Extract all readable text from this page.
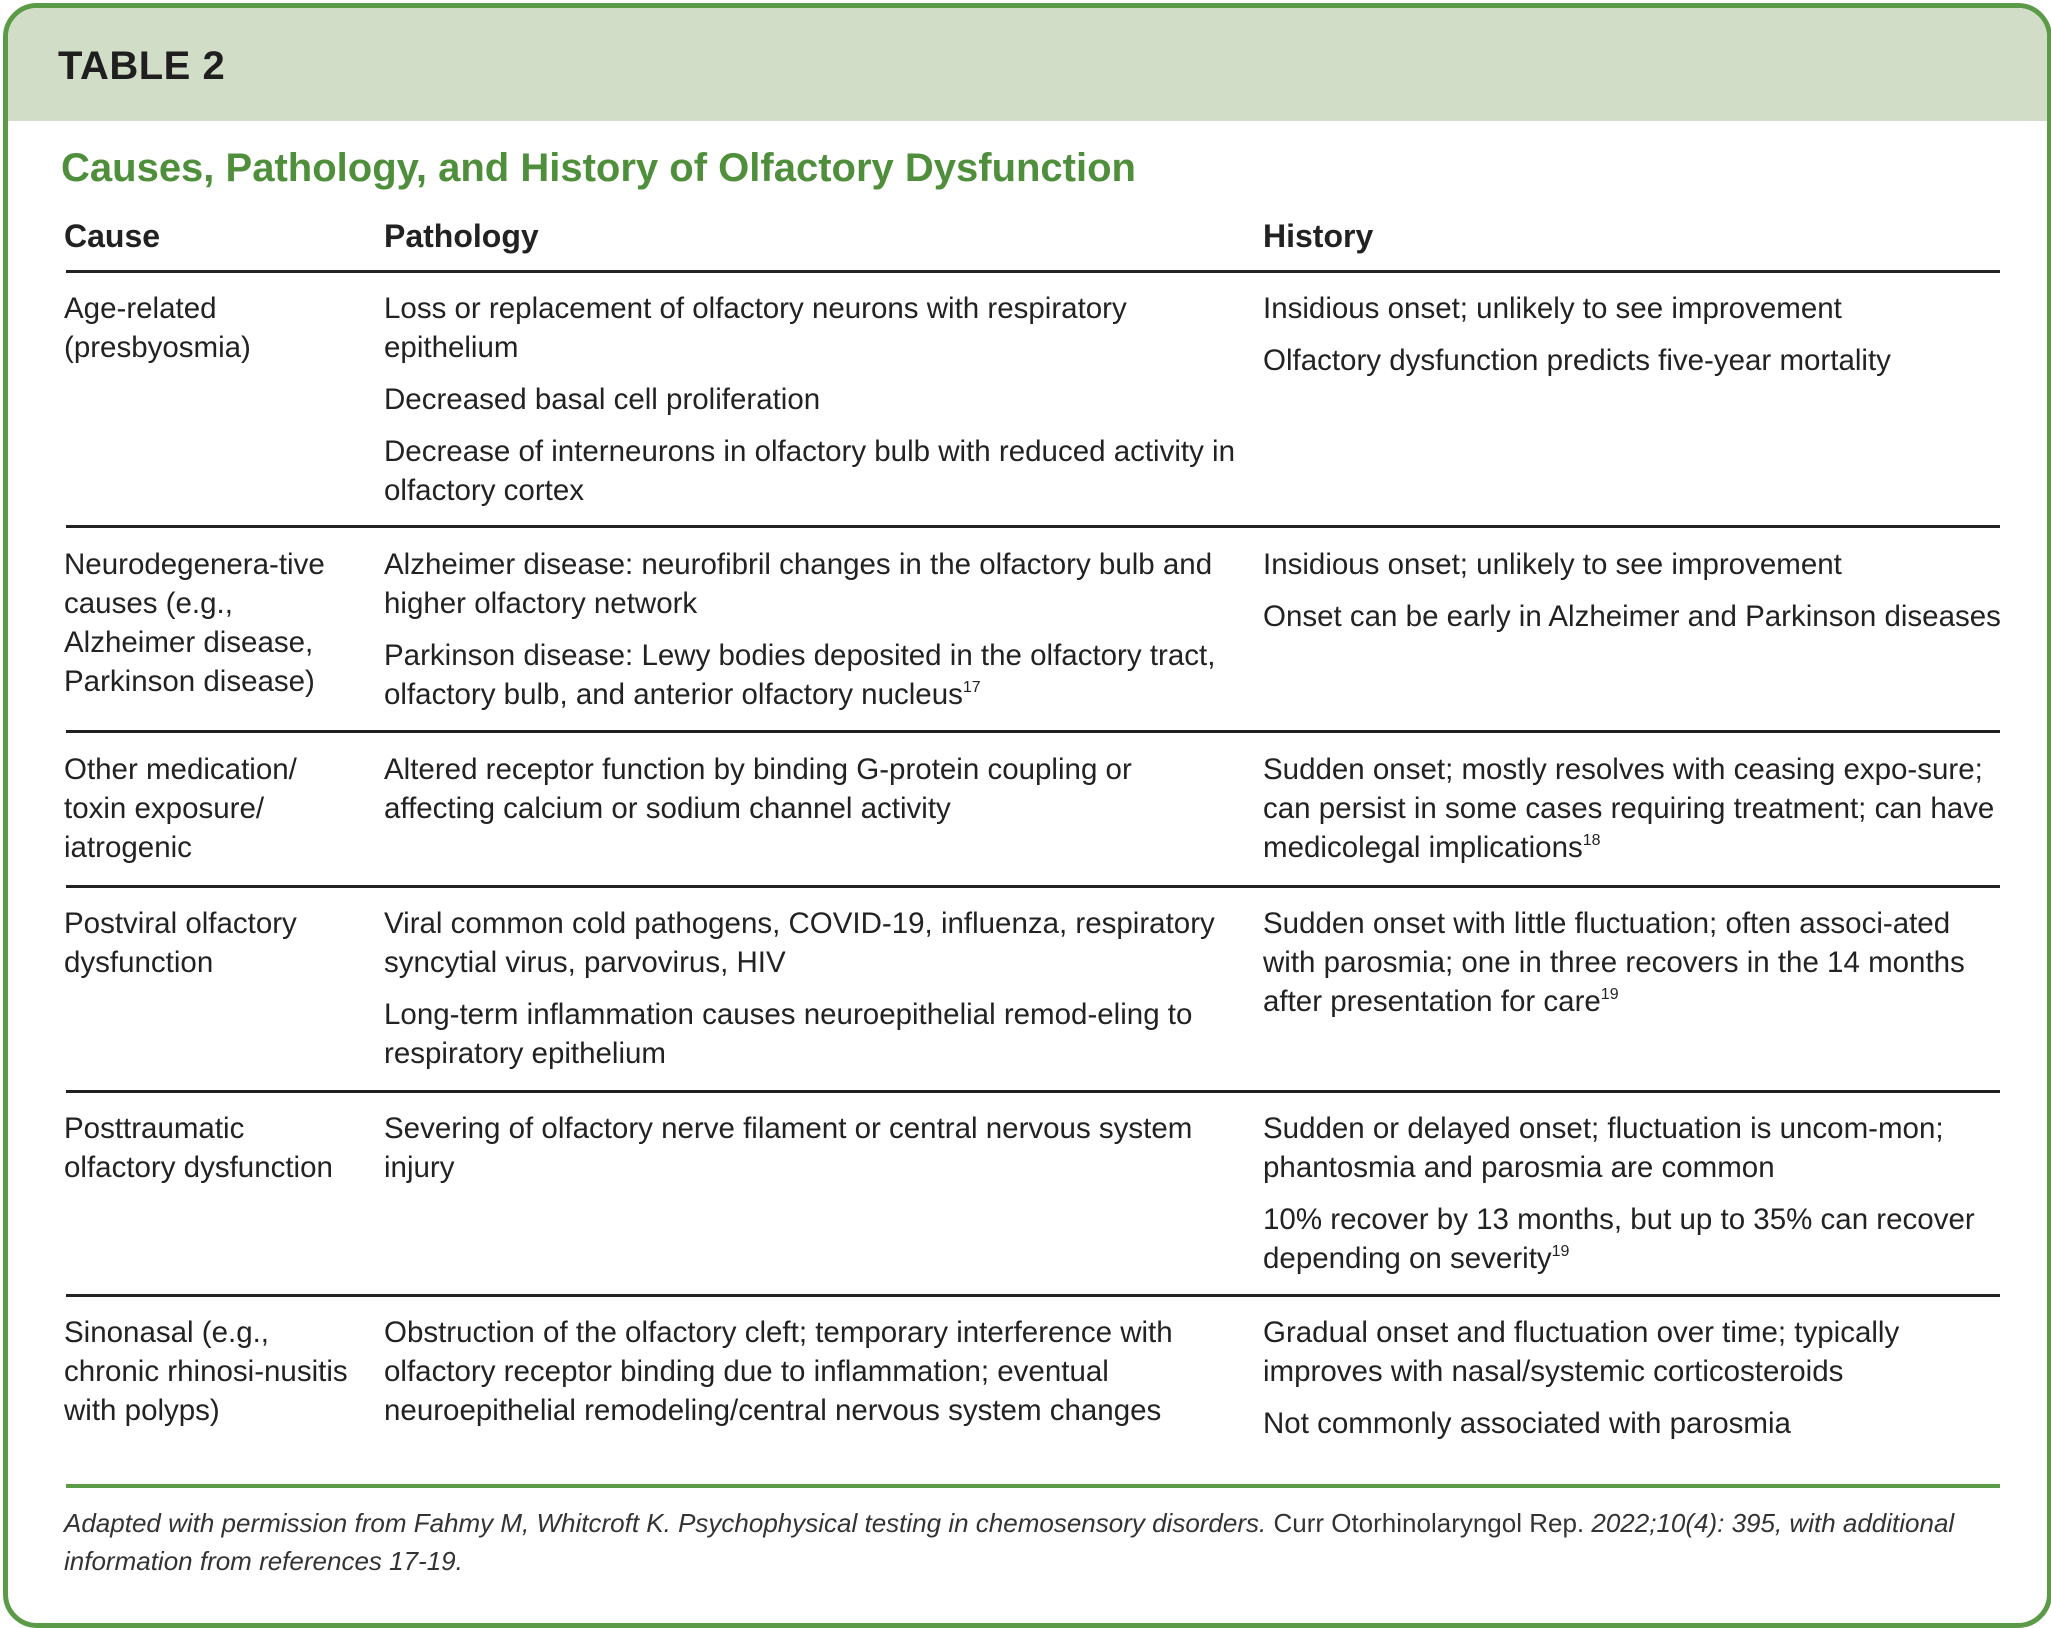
TABLE 2
Causes, Pathology, and History of Olfactory Dysfunction
Cause	Pathology	History
Age-related (presbyosmia)

Loss or replacement of olfactory neurons with respiratory epithelium

Decreased basal cell proliferation

Decrease of interneurons in olfactory bulb with reduced activity in olfactory cortex

Insidious onset; unlikely to see improvement

Olfactory dysfunction predicts five-year mortality

Neurodegenera-tive causes (e.g., Alzheimer disease, Parkinson disease)

Alzheimer disease: neurofibril changes in the olfactory bulb and higher olfactory network

Parkinson disease: Lewy bodies deposited in the olfactory tract, olfactory bulb, and anterior olfactory nucleus$^{17}$

Insidious onset; unlikely to see improvement

Onset can be early in Alzheimer and Parkinson diseases

Other medication/ toxin exposure/ iatrogenic

Altered receptor function by binding G-protein coupling or affecting calcium or sodium channel activity

Sudden onset; mostly resolves with ceasing expo-sure; can persist in some cases requiring treatment; can have medicolegal implications$^{18}$

Postviral olfactory dysfunction

Viral common cold pathogens, COVID-19, influenza, respiratory syncytial virus, parvovirus, HIV

Long-term inflammation causes neuroepithelial remod-eling to respiratory epithelium

Sudden onset with little fluctuation; often associ-ated with parosmia; one in three recovers in the 14 months after presentation for care$^{19}$

Posttraumatic olfactory dysfunction

Severing of olfactory nerve filament or central nervous system injury

Sudden or delayed onset; fluctuation is uncom-mon; phantosmia and parosmia are common

10% recover by 13 months, but up to 35% can recover depending on severity$^{19}$

Sinonasal (e.g., chronic rhinosi-nusitis with polyps)

Obstruction of the olfactory cleft; temporary interference with olfactory receptor binding due to inflammation; eventual neuroepithelial remodeling/central nervous system changes

Gradual onset and fluctuation over time; typically improves with nasal/systemic corticosteroids

Not commonly associated with parosmia

Adapted with permission from Fahmy M, Whitcroft K. Psychophysical testing in chemosensory disorders. Curr Otorhinolaryngol Rep. 2022;10(4): 395, with additional information from references 17-19.
